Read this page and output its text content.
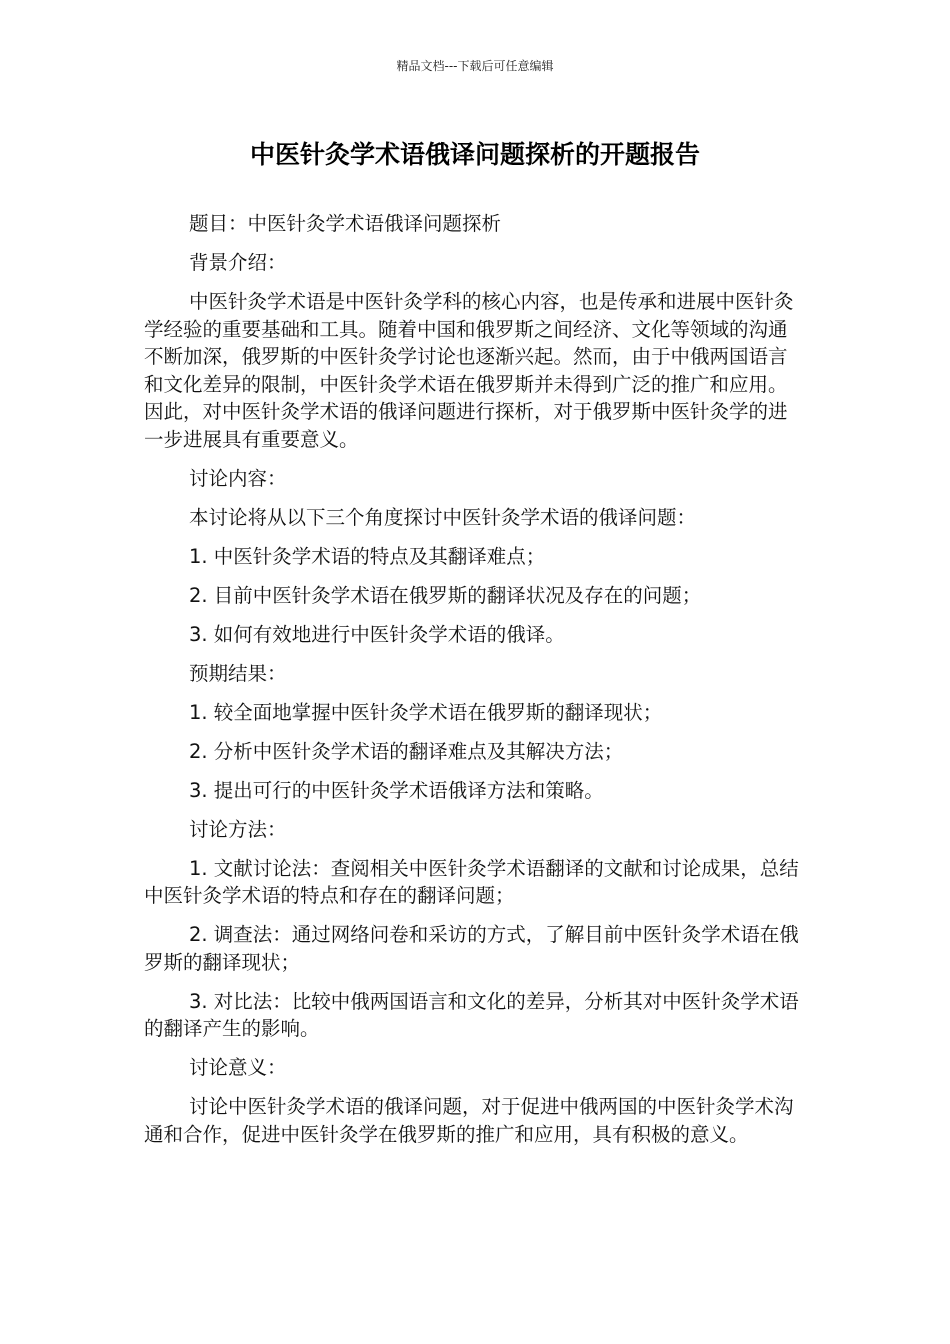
精品文档---下载后可任意编辑
中医针灸学术语俄译问题探析的开题报告

题目：中医针灸学术语俄译问题探析

背景介绍：

中医针灸学术语是中医针灸学科的核心内容，也是传承和进展中医针灸学经验的重要基础和工具。随着中国和俄罗斯之间经济、文化等领域的沟通不断加深，俄罗斯的中医针灸学讨论也逐渐兴起。然而，由于中俄两国语言和文化差异的限制，中医针灸学术语在俄罗斯并未得到广泛的推广和应用。因此，对中医针灸学术语的俄译问题进行探析，对于俄罗斯中医针灸学的进一步进展具有重要意义。

讨论内容：

本讨论将从以下三个角度探讨中医针灸学术语的俄译问题：

1. 中医针灸学术语的特点及其翻译难点；

2. 目前中医针灸学术语在俄罗斯的翻译状况及存在的问题；

3. 如何有效地进行中医针灸学术语的俄译。

预期结果：

1. 较全面地掌握中医针灸学术语在俄罗斯的翻译现状；

2. 分析中医针灸学术语的翻译难点及其解决方法；

3. 提出可行的中医针灸学术语俄译方法和策略。

讨论方法：

1. 文献讨论法：查阅相关中医针灸学术语翻译的文献和讨论成果，总结中医针灸学术语的特点和存在的翻译问题；

2. 调查法：通过网络问卷和采访的方式，了解目前中医针灸学术语在俄罗斯的翻译现状；

3. 对比法：比较中俄两国语言和文化的差异，分析其对中医针灸学术语的翻译产生的影响。

讨论意义：

讨论中医针灸学术语的俄译问题，对于促进中俄两国的中医针灸学术沟通和合作，促进中医针灸学在俄罗斯的推广和应用，具有积极的意义。
